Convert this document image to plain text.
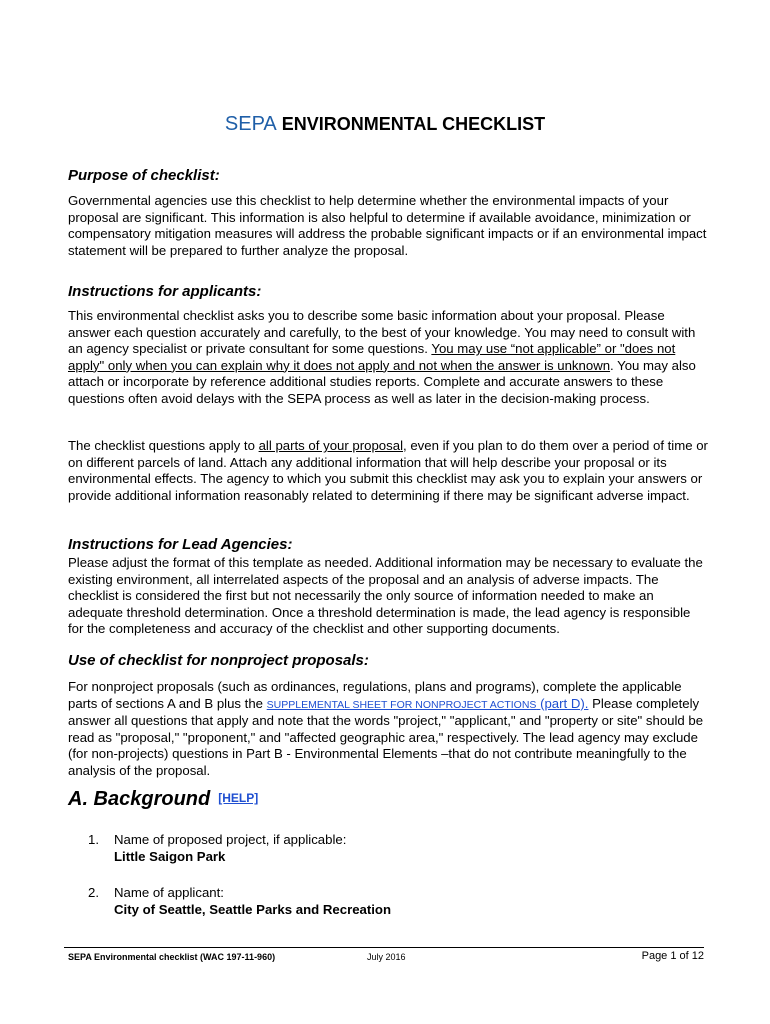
SEPA ENVIRONMENTAL CHECKLIST
Purpose of checklist:
Governmental agencies use this checklist to help determine whether the environmental impacts of your proposal are significant. This information is also helpful to determine if available avoidance, minimization or compensatory mitigation measures will address the probable significant impacts or if an environmental impact statement will be prepared to further analyze the proposal.
Instructions for applicants:
This environmental checklist asks you to describe some basic information about your proposal. Please answer each question accurately and carefully, to the best of your knowledge. You may need to consult with an agency specialist or private consultant for some questions. You may use “not applicable” or "does not apply" only when you can explain why it does not apply and not when the answer is unknown. You may also attach or incorporate by reference additional studies reports. Complete and accurate answers to these questions often avoid delays with the SEPA process as well as later in the decision-making process.
The checklist questions apply to all parts of your proposal, even if you plan to do them over a period of time or on different parcels of land. Attach any additional information that will help describe your proposal or its environmental effects. The agency to which you submit this checklist may ask you to explain your answers or provide additional information reasonably related to determining if there may be significant adverse impact.
Instructions for Lead Agencies:
Please adjust the format of this template as needed. Additional information may be necessary to evaluate the existing environment, all interrelated aspects of the proposal and an analysis of adverse impacts. The checklist is considered the first but not necessarily the only source of information needed to make an adequate threshold determination. Once a threshold determination is made, the lead agency is responsible for the completeness and accuracy of the checklist and other supporting documents.
Use of checklist for nonproject proposals:
For nonproject proposals (such as ordinances, regulations, plans and programs), complete the applicable parts of sections A and B plus the SUPPLEMENTAL SHEET FOR NONPROJECT ACTIONS (part D). Please completely answer all questions that apply and note that the words "project," "applicant," and "property or site" should be read as "proposal," "proponent," and "affected geographic area," respectively. The lead agency may exclude (for non-projects) questions in Part B - Environmental Elements –that do not contribute meaningfully to the analysis of the proposal.
A. Background [HELP]
1. Name of proposed project, if applicable:
Little Saigon Park
2. Name of applicant:
City of Seattle, Seattle Parks and Recreation
SEPA Environmental checklist (WAC 197-11-960)	July 2016	Page 1 of 12
